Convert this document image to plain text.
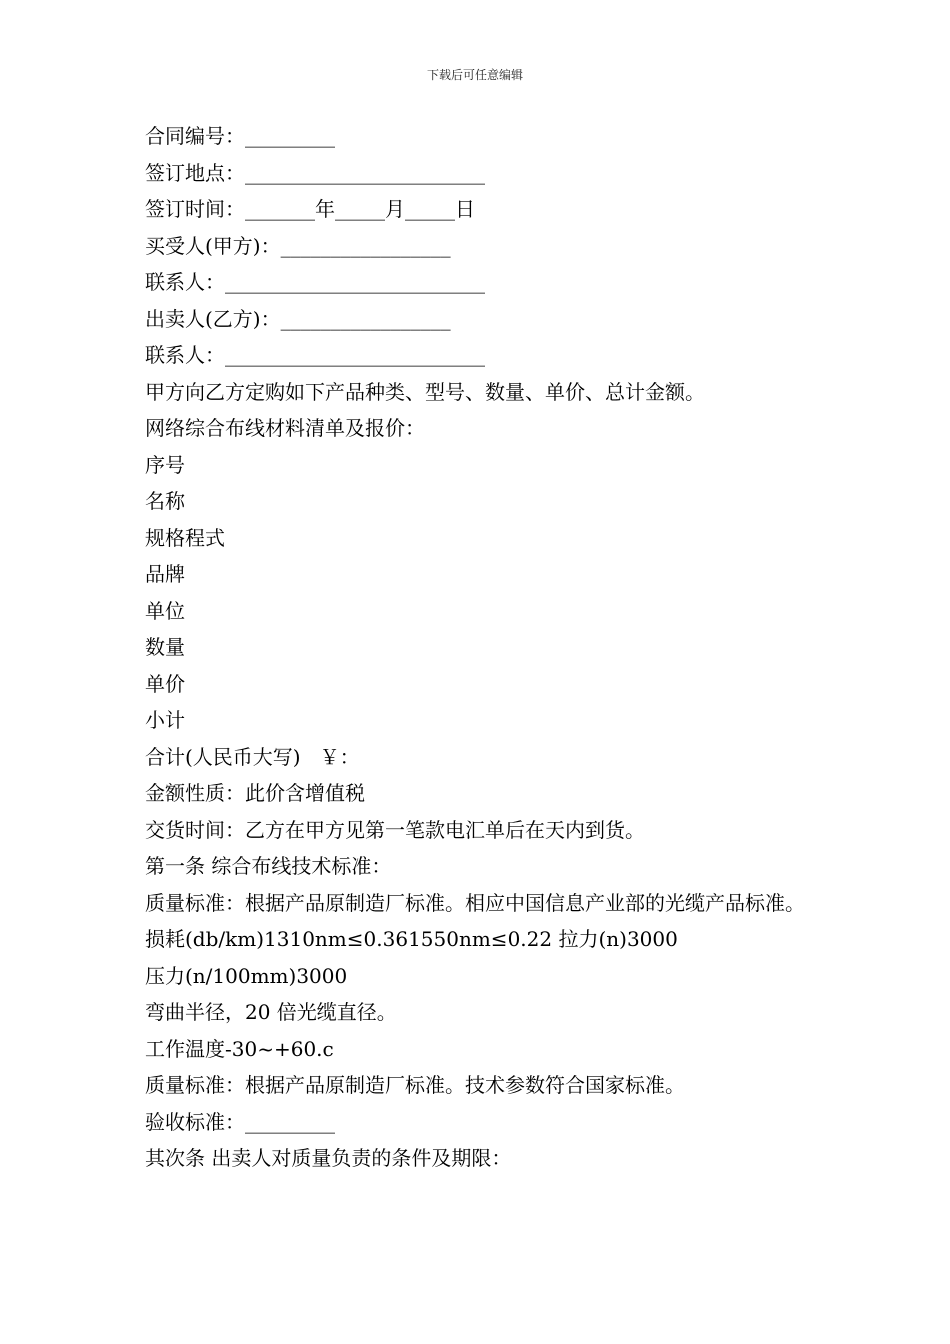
下载后可任意编辑
合同编号：_________
签订地点：________________________
签订时间：_______年_____月_____日
买受人(甲方)：_________________
联系人：__________________________
出卖人(乙方)：_________________
联系人：__________________________
甲方向乙方定购如下产品种类、型号、数量、单价、总计金额。
网络综合布线材料清单及报价：
序号
名称
规格程式
品牌
单位
数量
单价
小计
合计(人民币大写)   ￥：
金额性质：此价含增值税
交货时间：乙方在甲方见第一笔款电汇单后在天内到货。
第一条 综合布线技术标准：
质量标准：根据产品原制造厂标准。相应中国信息产业部的光缆产品标准。
损耗(db/km)1310nm≤0.361550nm≤0.22 拉力(n)3000
压力(n/100mm)3000
弯曲半径，20 倍光缆直径。
工作温度-30~+60.c
质量标准：根据产品原制造厂标准。技术参数符合国家标准。
验收标准：_________
其次条 出卖人对质量负责的条件及期限：
